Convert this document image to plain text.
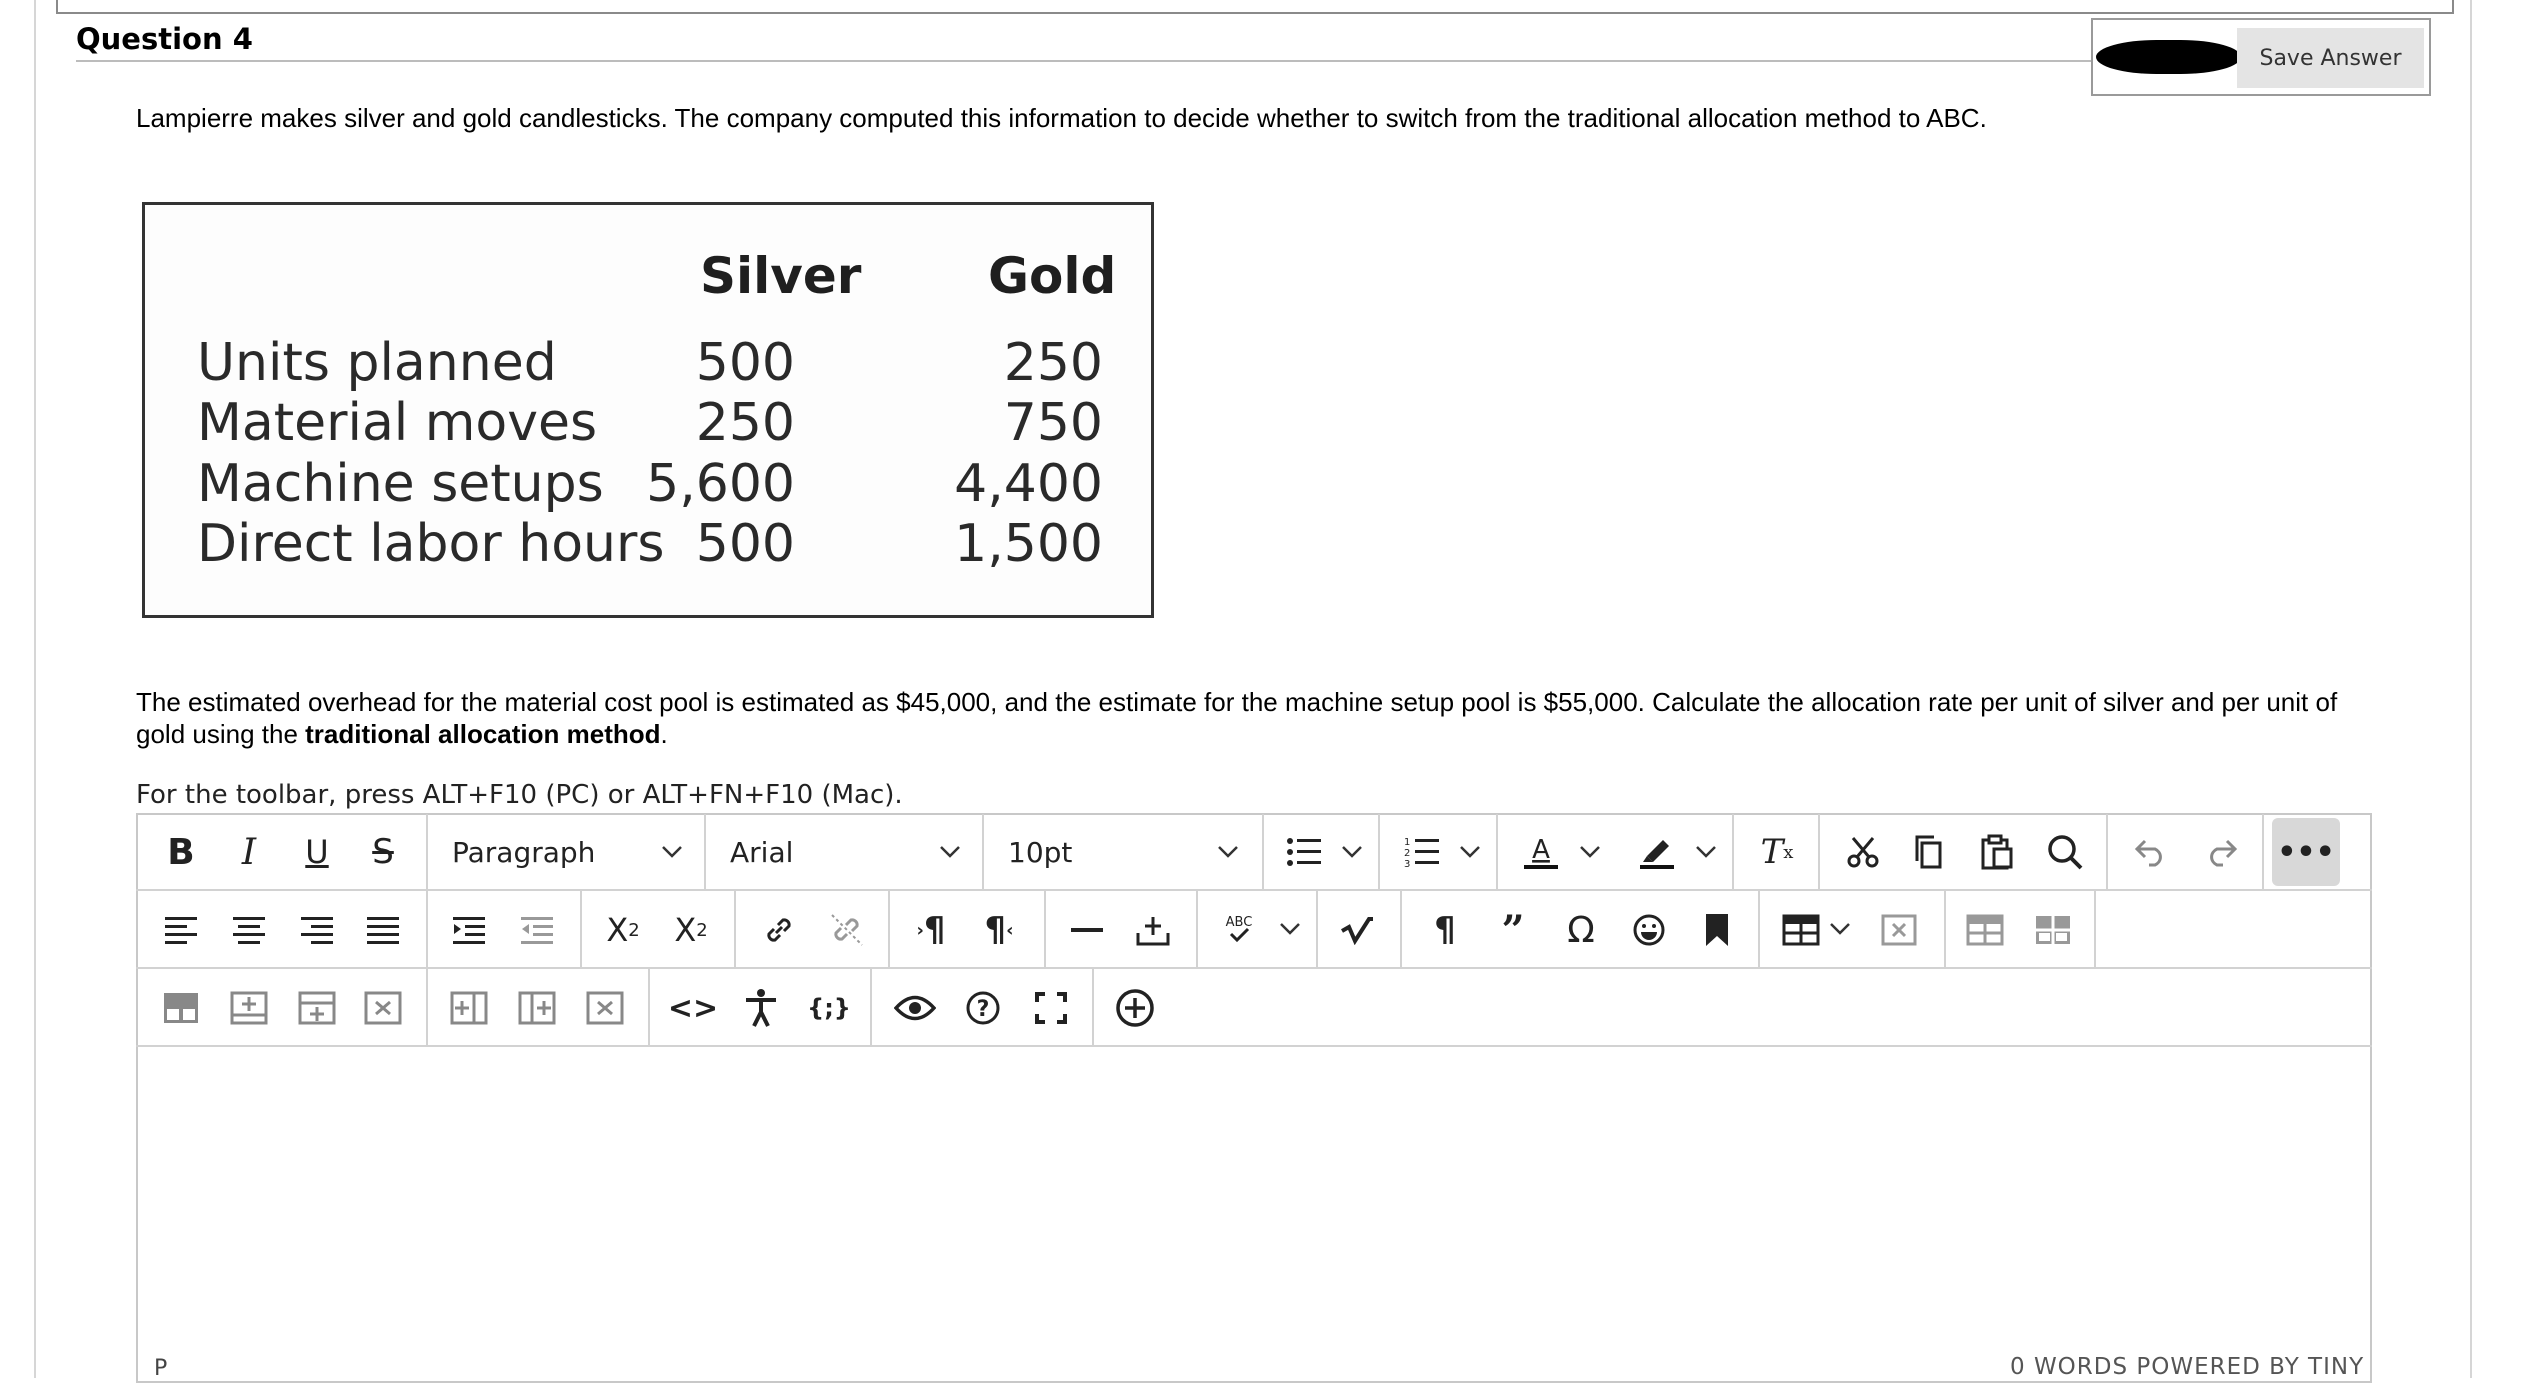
Question 4
Save Answer
Lampierre makes silver and gold candlesticks. The company computed this information to decide whether to switch from the traditional allocation method to ABC.
Silver	Gold
Units planned	500	250
Material moves	250	750
Machine setups 5,600	4,400
Direct labor hours 500	1,500
The estimated overhead for the material cost pool is estimated as $45,000, and the estimate for the machine setup pool is $55,000. Calculate the allocation rate per unit of silver and per unit of gold using the traditional allocation method.
For the toolbar, press ALT+F10 (PC) or ALT+FN+F10 (Mac).
B	I	U	S	Paragraph	Arial	10pt	1
2
3	A	T x	•••
X 2 X 2	› ¶ ¶ ‹	ABC	¶	”	Ω
<>	{;}	?
P	0 WORDS POWERED BY TINY
